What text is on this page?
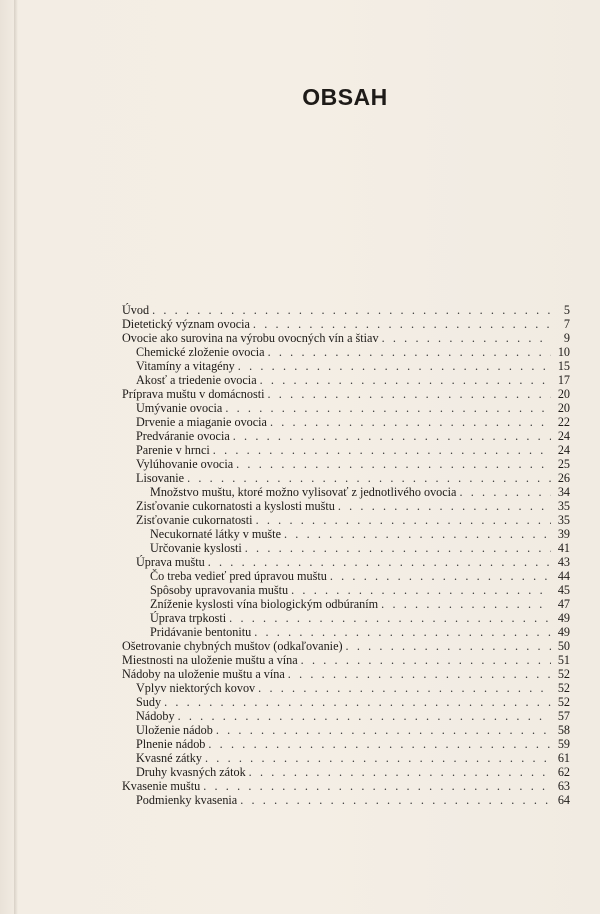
OBSAH
Úvod . . .	5
Dietetický význam ovocia . . .	7
Ovocie ako surovina na výrobu ovocných vín a štiav . . .	9
Chemické zloženie ovocia . . .	10
Vitamíny a vitagény . . .	15
Akosť a triedenie ovocia . . .	17
Príprava muštu v domácnosti . . .	20
Umývanie ovocia . . .	20
Drvenie a miaganie ovocia . . .	22
Predváranie ovocia . . .	24
Parenie v hrnci . . .	24
Vylúhovanie ovocia . . .	25
Lisovanie . . .	26
Množstvo muštu, ktoré možno vylisovať z jednotlivého ovocia . . .	34
Zisťovanie cukornatosti a kyslosti muštu . . .	35
Zisťovanie cukornatosti . . .	35
Necukornaté látky v mušte . . .	39
Určovanie kyslosti . . .	41
Úprava muštu . . .	43
Čo treba vedieť pred úpravou muštu . . .	44
Spôsoby upravovania muštu . . .	45
Zníženie kyslosti vína biologickým odbúraním . . .	47
Úprava trpkosti . . .	49
Pridávanie bentonitu . . .	49
Ošetrovanie chybných muštov (odkaľovanie) . . .	50
Miestnosti na uloženie muštu a vína . . .	51
Nádoby na uloženie muštu a vína . . .	52
Vplyv niektorých kovov . . .	52
Sudy . . .	52
Nádoby . . .	57
Uloženie nádob . . .	58
Plnenie nádob . . .	59
Kvasné zátky . . .	61
Druhy kvasných zátok . . .	62
Kvasenie muštu . . .	63
Podmienky kvasenia . . .	64
